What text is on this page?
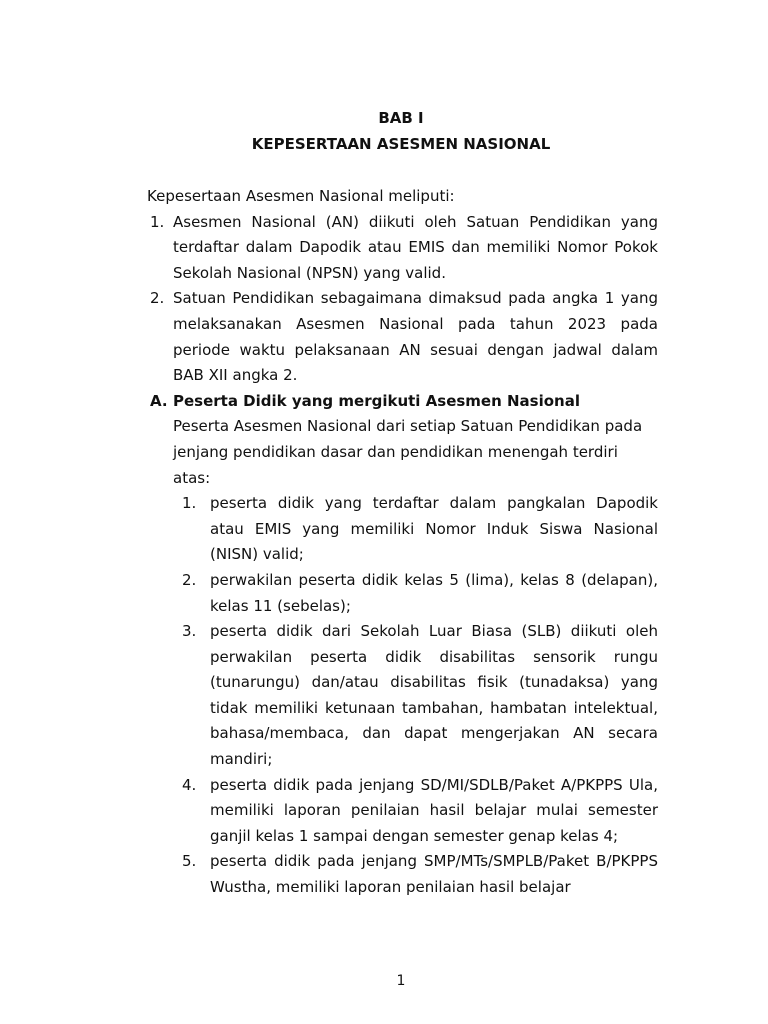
BAB I
KEPESERTAAN ASESMEN NASIONAL

Kepesertaan Asesmen Nasional meliputi:

1. Asesmen Nasional (AN) diikuti oleh Satuan Pendidikan yang terdaftar dalam Dapodik atau EMIS dan memiliki Nomor Pokok Sekolah Nasional (NPSN) yang valid.
2. Satuan Pendidikan sebagaimana dimaksud pada angka 1 yang melaksanakan Asesmen Nasional pada tahun 2023 pada periode waktu pelaksanaan AN sesuai dengan jadwal dalam BAB XII angka 2.
A. Peserta Didik yang mergikuti Asesmen Nasional

Peserta Asesmen Nasional dari setiap Satuan Pendidikan pada jenjang pendidikan dasar dan pendidikan menengah terdiri atas:

1. peserta didik yang terdaftar dalam pangkalan Dapodik atau EMIS yang memiliki Nomor Induk Siswa Nasional (NISN) valid;
2. perwakilan peserta didik kelas 5 (lima), kelas 8 (delapan), kelas 11 (sebelas);
3. peserta didik dari Sekolah Luar Biasa (SLB) diikuti oleh perwakilan peserta didik disabilitas sensorik rungu (tunarungu) dan/atau disabilitas fisik (tunadaksa) yang tidak memiliki ketunaan tambahan, hambatan intelektual, bahasa/membaca, dan dapat mengerjakan AN secara mandiri;
4. peserta didik pada jenjang SD/MI/SDLB/Paket A/PKPPS Ula, memiliki laporan penilaian hasil belajar mulai semester ganjil kelas 1 sampai dengan semester genap kelas 4;
5. peserta didik pada jenjang SMP/MTs/SMPLB/Paket B/PKPPS Wustha, memiliki laporan penilaian hasil belajar
1
